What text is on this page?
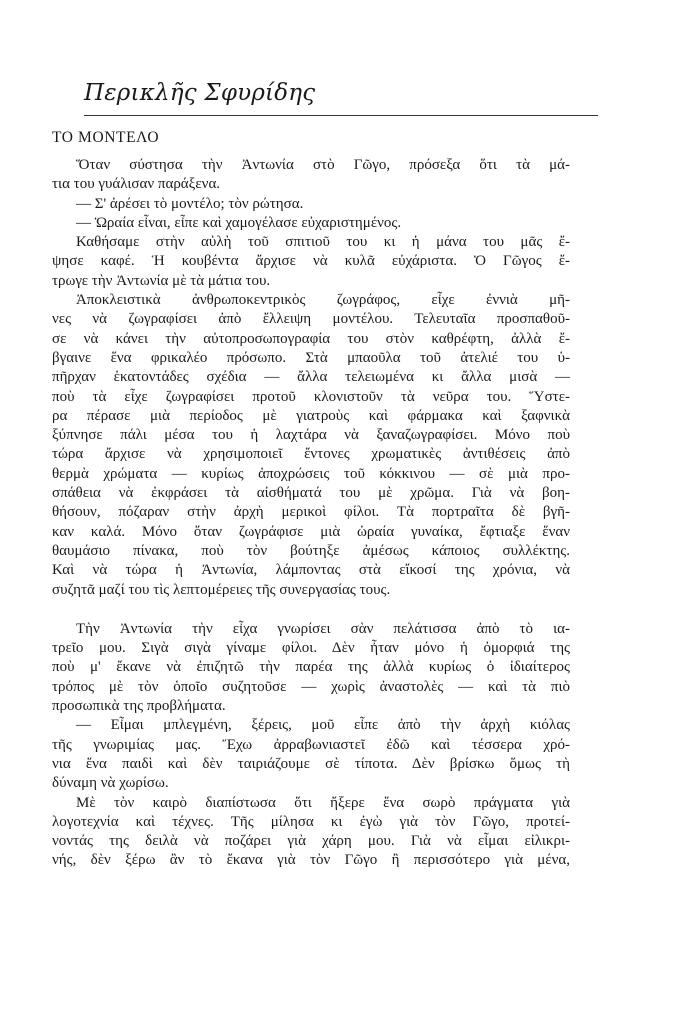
Περικλῆς Σφυρίδης
ΤΟ ΜΟΝΤΕΛΟ
Ὅταν σύστησα τὴν Ἀντωνία στὸ Γῶγο, πρόσεξα ὅτι τὰ μά-
τια του γυάλισαν παράξενα.
— Σ' ἀρέσει τὸ μοντέλο; τὸν ρώτησα.
— Ὡραία εἶναι, εἶπε καὶ χαμογέλασε εὐχαριστημένος.
Καθήσαμε στὴν αὐλὴ τοῦ σπιτιοῦ του κι ἡ μάνα του μᾶς ἔ-
ψησε καφέ. Ἡ κουβέντα ἄρχισε νὰ κυλᾶ εὐχάριστα. Ὁ Γῶγος ἔ-
τρωγε τὴν Ἀντωνία μὲ τὰ μάτια του.
Ἀποκλειστικὰ ἀνθρωποκεντρικὸς ζωγράφος, εἶχε ἐννιὰ μῆ-
νες νὰ ζωγραφίσει ἀπὸ ἔλλειψη μοντέλου. Τελευταῖα προσπαθοῦ-
σε νὰ κάνει τὴν αὐτοπροσωπογραφία του στὸν καθρέφτη, ἀλλὰ ἔ-
βγαινε ἕνα φρικαλέο πρόσωπο. Στὰ μπαοῦλα τοῦ ἀτελιέ του ὑ-
πῆρχαν ἑκατοντάδες σχέδια — ἄλλα τελειωμένα κι ἄλλα μισὰ —
ποὺ τὰ εἶχε ζωγραφίσει προτοῦ κλονιστοῦν τὰ νεῦρα του. Ὕστε-
ρα πέρασε μιὰ περίοδος μὲ γιατροὺς καὶ φάρμακα καὶ ξαφνικὰ
ξύπνησε πάλι μέσα του ἡ λαχτάρα νὰ ξαναζωγραφίσει. Μόνο ποὺ
τώρα ἄρχισε νὰ χρησιμοποιεῖ ἔντονες χρωματικὲς ἀντιθέσεις ἀπὸ
θερμὰ χρώματα — κυρίως ἀποχρώσεις τοῦ κόκκινου — σὲ μιὰ προ-
σπάθεια νὰ ἐκφράσει τὰ αἰσθήματά του μὲ χρῶμα. Γιὰ νὰ βοη-
θήσουν, πόζαραν στὴν ἀρχὴ μερικοὶ φίλοι. Τὰ πορτραῖτα δὲ βγῆ-
καν καλά. Μόνο ὅταν ζωγράφισε μιὰ ὡραία γυναίκα, ἔφτιαξε ἕναν
θαυμάσιο πίνακα, ποὺ τὸν βούτηξε ἀμέσως κάποιος συλλέκτης.
Καὶ νὰ τώρα ἡ Ἀντωνία, λάμποντας στὰ εἴκοσί της χρόνια, νὰ
συζητᾶ μαζί του τὶς λεπτομέρειες τῆς συνεργασίας τους.
Τὴν Ἀντωνία τὴν εἶχα γνωρίσει σὰν πελάτισσα ἀπὸ τὸ ια-
τρεῖο μου. Σιγὰ σιγὰ γίναμε φίλοι. Δὲν ἦταν μόνο ἡ ὀμορφιά της
ποὺ μ' ἔκανε νὰ ἐπιζητῶ τὴν παρέα της ἀλλὰ κυρίως ὁ ἰδιαίτερος
τρόπος μὲ τὸν ὁποῖο συζητοῦσε — χωρὶς ἀναστολὲς — καὶ τὰ πιὸ
προσωπικὰ της προβλήματα.
— Εἶμαι μπλεγμένη, ξέρεις, μοῦ εἶπε ἀπὸ τὴν ἀρχὴ κιόλας
τῆς γνωριμίας μας. Ἔχω ἀρραβωνιαστεῖ ἐδῶ καὶ τέσσερα χρό-
νια ἕνα παιδὶ καὶ δὲν ταιριάζουμε σὲ τίποτα. Δὲν βρίσκω ὅμως τὴ
δύναμη νὰ χωρίσω.
Μὲ τὸν καιρὸ διαπίστωσα ὅτι ἤξερε ἕνα σωρὸ πράγματα γιὰ
λογοτεχνία καὶ τέχνες. Τῆς μίλησα κι ἐγὼ γιὰ τὸν Γῶγο, προτεί-
νοντάς της δειλὰ νὰ ποζάρει γιὰ χάρη μου. Γιὰ νὰ εἶμαι εἰλικρι-
νής, δὲν ξέρω ἂν τὸ ἔκανα γιὰ τὸν Γῶγο ἢ περισσότερο γιὰ μένα,
